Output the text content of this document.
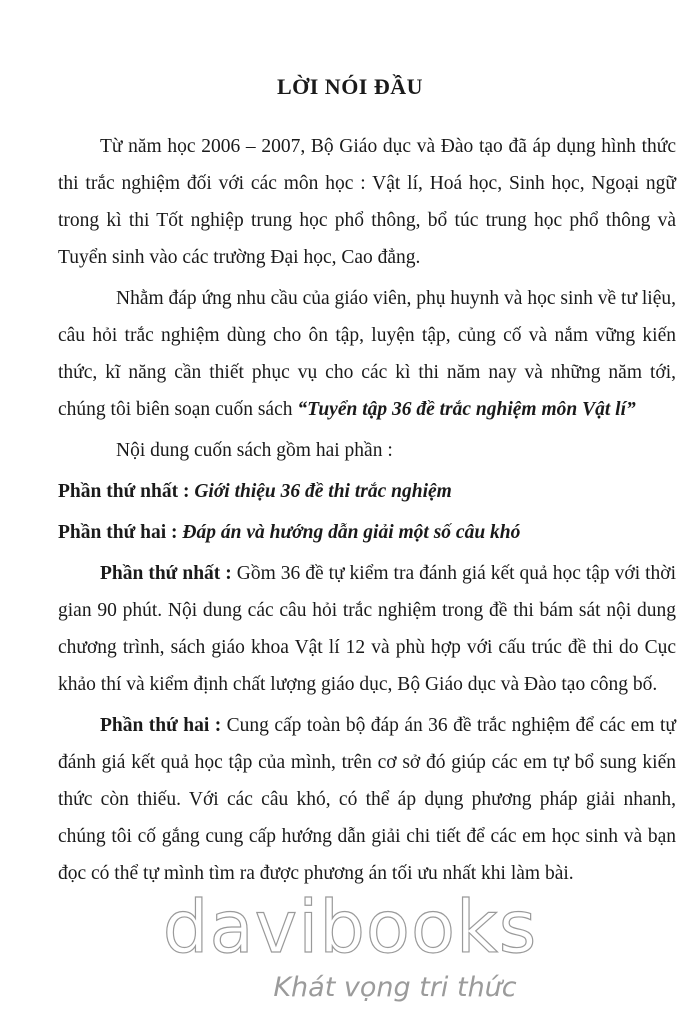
LỜI NÓI ĐẦU

Từ năm học 2006 – 2007, Bộ Giáo dục và Đào tạo đã áp dụng hình thức thi trắc nghiệm đối với các môn học : Vật lí, Hoá học, Sinh học, Ngoại ngữ trong kì thi Tốt nghiệp trung học phổ thông, bổ túc trung học phổ thông và Tuyển sinh vào các trường Đại học, Cao đẳng.

Nhằm đáp ứng nhu cầu của giáo viên, phụ huynh và học sinh về tư liệu, câu hỏi trắc nghiệm dùng cho ôn tập, luyện tập, củng cố và nắm vững kiến thức, kĩ năng cần thiết phục vụ cho các kì thi năm nay và những năm tới, chúng tôi biên soạn cuốn sách “Tuyển tập 36 đề trắc nghiệm môn Vật lí”

Nội dung cuốn sách gồm hai phần :

Phần thứ nhất : Giới thiệu 36 đề thi trắc nghiệm

Phần thứ hai : Đáp án và hướng dẫn giải một số câu khó

Phần thứ nhất : Gồm 36 đề tự kiểm tra đánh giá kết quả học tập với thời gian 90 phút. Nội dung các câu hỏi trắc nghiệm trong đề thi bám sát nội dung chương trình, sách giáo khoa Vật lí 12 và phù hợp với cấu trúc đề thi do Cục khảo thí và kiểm định chất lượng giáo dục, Bộ Giáo dục và Đào tạo công bố.

Phần thứ hai : Cung cấp toàn bộ đáp án 36 đề trắc nghiệm để các em tự đánh giá kết quả học tập của mình, trên cơ sở đó giúp các em tự bổ sung kiến thức còn thiếu. Với các câu khó, có thể áp dụng phương pháp giải nhanh, chúng tôi cố gắng cung cấp hướng dẫn giải chi tiết để các em học sinh và bạn đọc có thể tự mình tìm ra được phương án tối ưu nhất khi làm bài.

davibooks
Khát vọng tri thức
